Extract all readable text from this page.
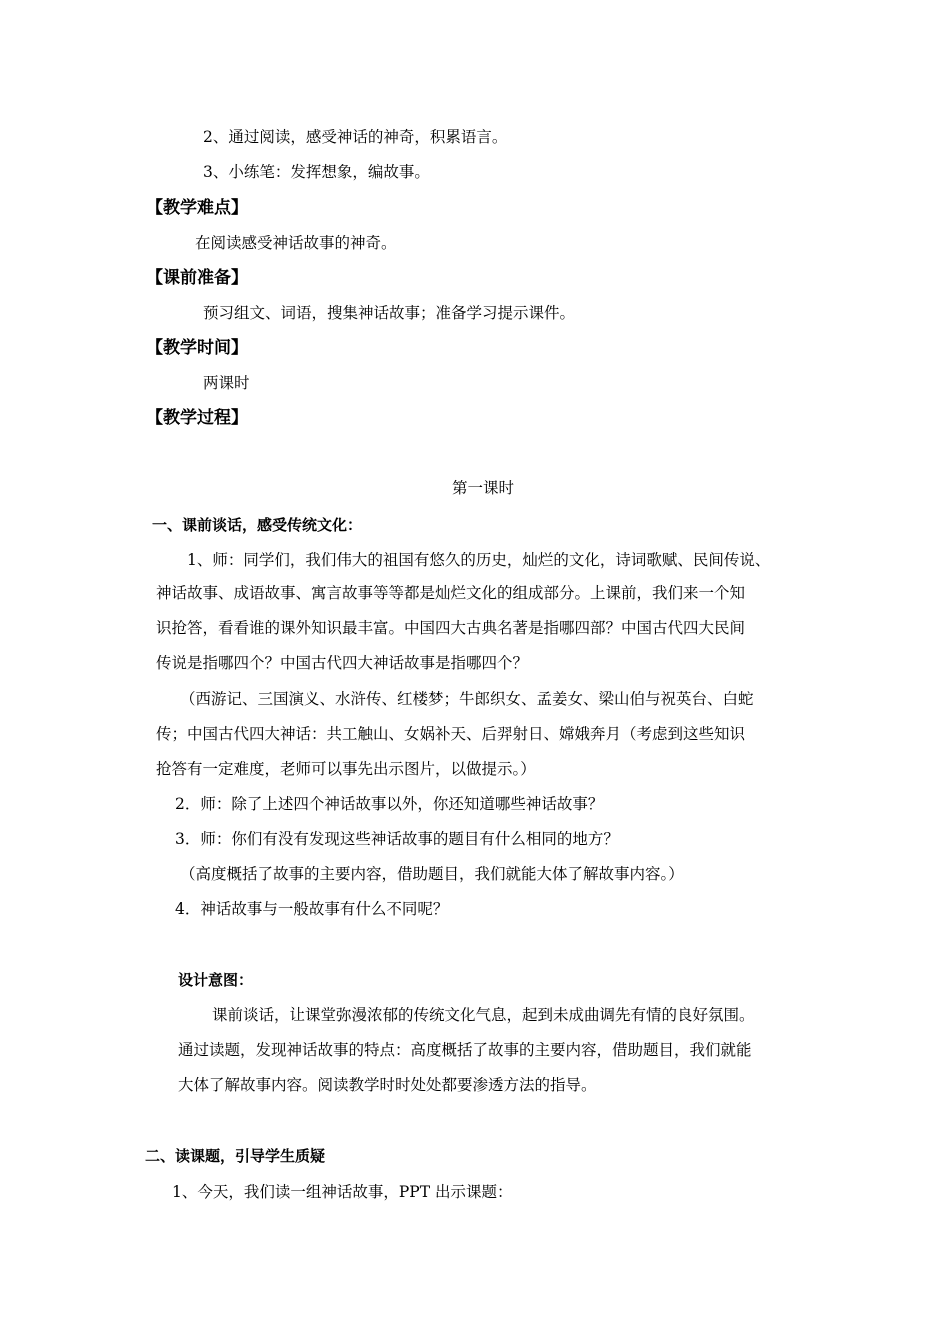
2、通过阅读，感受神话的神奇，积累语言。
3、小练笔：发挥想象，编故事。
【教学难点】
在阅读感受神话故事的神奇。
【课前准备】
预习组文、词语，搜集神话故事；准备学习提示课件。
【教学时间】
两课时
【教学过程】
第一课时
一、课前谈话，感受传统文化：
1、师：同学们，我们伟大的祖国有悠久的历史，灿烂的文化，诗词歌赋、民间传说、
神话故事、成语故事、寓言故事等等都是灿烂文化的组成部分。上课前，我们来一个知
识抢答，看看谁的课外知识最丰富。中国四大古典名著是指哪四部？中国古代四大民间
传说是指哪四个？中国古代四大神话故事是指哪四个？
（西游记、三国演义、水浒传、红楼梦；牛郎织女、孟姜女、梁山伯与祝英台、白蛇
传；中国古代四大神话：共工触山、女娲补天、后羿射日、嫦娥奔月（考虑到这些知识
抢答有一定难度，老师可以事先出示图片，以做提示。）
2．师：除了上述四个神话故事以外，你还知道哪些神话故事？
3．师：你们有没有发现这些神话故事的题目有什么相同的地方？
（高度概括了故事的主要内容，借助题目，我们就能大体了解故事内容。）
4．神话故事与一般故事有什么不同呢？
设计意图：
课前谈话，让课堂弥漫浓郁的传统文化气息，起到未成曲调先有情的良好氛围。
通过读题，发现神话故事的特点：高度概括了故事的主要内容，借助题目，我们就能
大体了解故事内容。阅读教学时时处处都要渗透方法的指导。
二、读课题，引导学生质疑
1、今天，我们读一组神话故事，PPT 出示课题：
